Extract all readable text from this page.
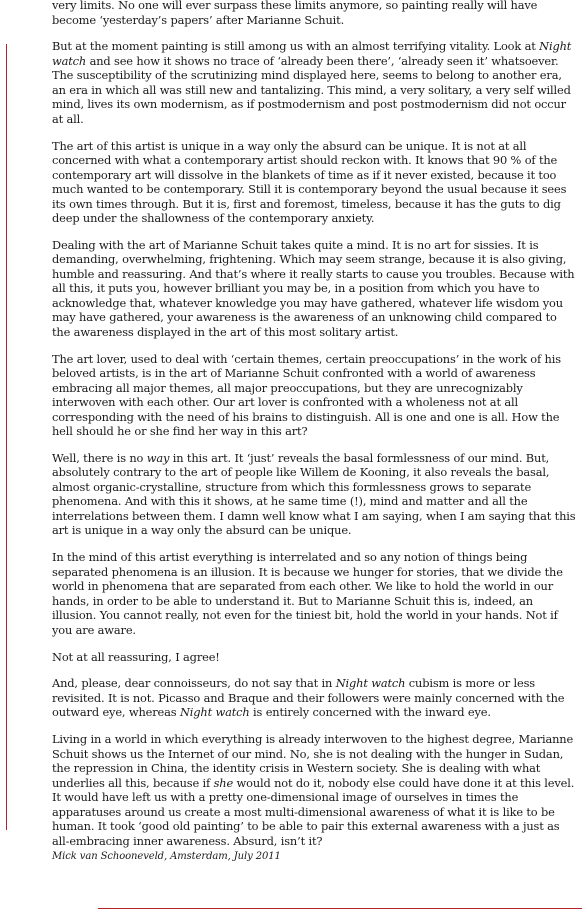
very limits. No one will ever surpass these limits anymore, so painting really will have become ‘yesterday’s papers’ after Marianne Schuit.

But at the moment painting is still among us with an almost terrifying vitality. Look at Night watch and see how it shows no trace of ‘already been there’, ‘already seen it’ whatsoever. The susceptibility of the scrutinizing mind displayed here, seems to belong to another era, an era in which all was still new and tantalizing. This mind, a very solitary, a very self willed mind, lives its own modernism, as if postmodernism and post postmodernism did not occur at all.

The art of this artist is unique in a way only the absurd can be unique. It is not at all concerned with what a contemporary artist should reckon with. It knows that 90 % of the contemporary art will dissolve in the blankets of time as if it never existed, because it too much wanted to be contemporary. Still it is contemporary beyond the usual because it sees its own times through. But it is, first and foremost, timeless, because it has the guts to dig deep under the shallowness of the contemporary anxiety.

Dealing with the art of Marianne Schuit takes quite a mind. It is no art for sissies. It is demanding, overwhelming, frightening. Which may seem strange, because it is also giving, humble and reassuring. And that’s where it really starts to cause you troubles. Because with all this, it puts you, however brilliant you may be, in a position from which you have to acknowledge that, whatever knowledge you may have gathered, whatever life wisdom you may have gathered, your awareness is the awareness of an unknowing child compared to the awareness displayed in the art of this most solitary artist.

The art lover, used to deal with ‘certain themes, certain preoccupations’ in the work of his beloved artists, is in the art of Marianne Schuit confronted with a world of awareness embracing all major themes, all major preoccupations, but they are unrecognizably interwoven with each other. Our art lover is confronted with a wholeness not at all corresponding with the need of his brains to distinguish. All is one and one is all. How the hell should he or she find her way in this art?

Well, there is no way in this art. It ‘just’ reveals the basal formlessness of our mind. But, absolutely contrary to the art of people like Willem de Kooning, it also reveals the basal, almost organic-crystalline, structure from which this formlessness grows to separate phenomena. And with this it shows, at he same time (!), mind and matter and all the interrelations between them. I damn well know what I am saying, when I am saying that this art is unique in a way only the absurd can be unique.

In the mind of this artist everything is interrelated and so any notion of things being separated phenomena is an illusion. It is because we hunger for stories, that we divide the world in phenomena that are separated from each other. We like to hold the world in our hands, in order to be able to understand it. But to Marianne Schuit this is, indeed, an illusion. You cannot really, not even for the tiniest bit, hold the world in your hands. Not if you are aware.

Not at all reassuring, I agree!

And, please, dear connoisseurs, do not say that in Night watch cubism is more or less revisited. It is not. Picasso and Braque and their followers were mainly concerned with the outward eye, whereas Night watch is entirely concerned with the inward eye.

Living in a world in which everything is already interwoven to the highest degree, Marianne Schuit shows us the Internet of our mind. No, she is not dealing with the hunger in Sudan, the repression in China, the identity crisis in Western society. She is dealing with what underlies all this, because if she would not do it, nobody else could have done it at this level. It would have left us with a pretty one-dimensional image of ourselves in times the apparatuses around us create a most multi-dimensional awareness of what it is like to be human. It took ‘good old painting’ to be able to pair this external awareness with a just as all-embracing inner awareness. Absurd, isn’t it?

Mick van Schooneveld, Amsterdam, July 2011
